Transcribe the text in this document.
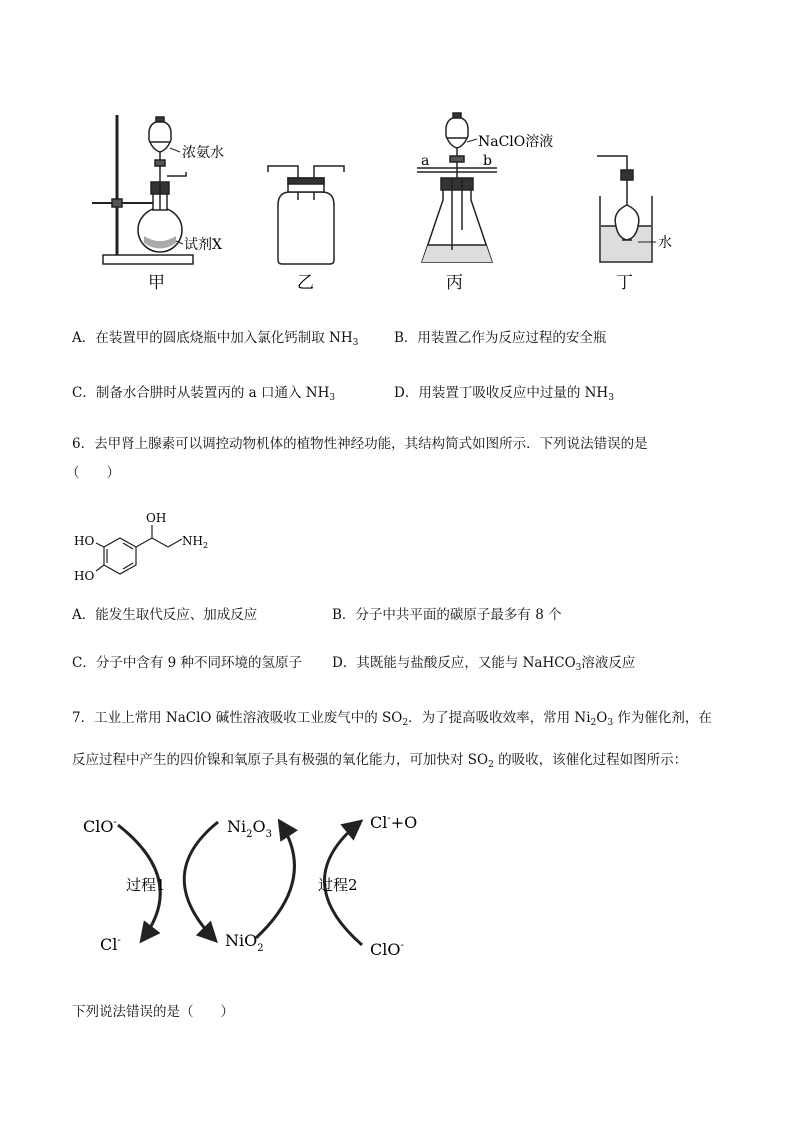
浓氨水
试剂X
甲	乙
NaClO溶液
a	b
丙
水
丁
A．在装置甲的圆底烧瓶中加入氯化钙制取 $NH_3$	B．用装置乙作为反应过程的安全瓶
C．制备水合肼时从装置丙的 a 口通入 $NH_3$	D．用装置丁吸收反应中过量的 $NH_3$
6．去甲肾上腺素可以调控动物机体的植物性神经功能，其结构简式如图所示．下列说法错误的是
（　　）
OH
$NH_2$
HO
HO
A．能发生取代反应、加成反应	B．分子中共平面的碳原子最多有 8 个
C．分子中含有 9 种不同环境的氢原子 D．其既能与盐酸反应，又能与 NaHCO$_3$溶液反应
7．工业上常用 NaClO 碱性溶液吸收工业废气中的 $SO_2$．为了提高吸收效率，常用 $Ni_2O_3$ 作为催化剂，在
反应过程中产生的四价镍和氧原子具有极强的氧化能力，可加快对 $SO_2$ 的吸收，该催化过程如图所示：
ClO-	$Ni_2O_3$
Cl-+O
过程1	过程2
Cl-	NiO$_2$	ClO-
下列说法错误的是（　　）
